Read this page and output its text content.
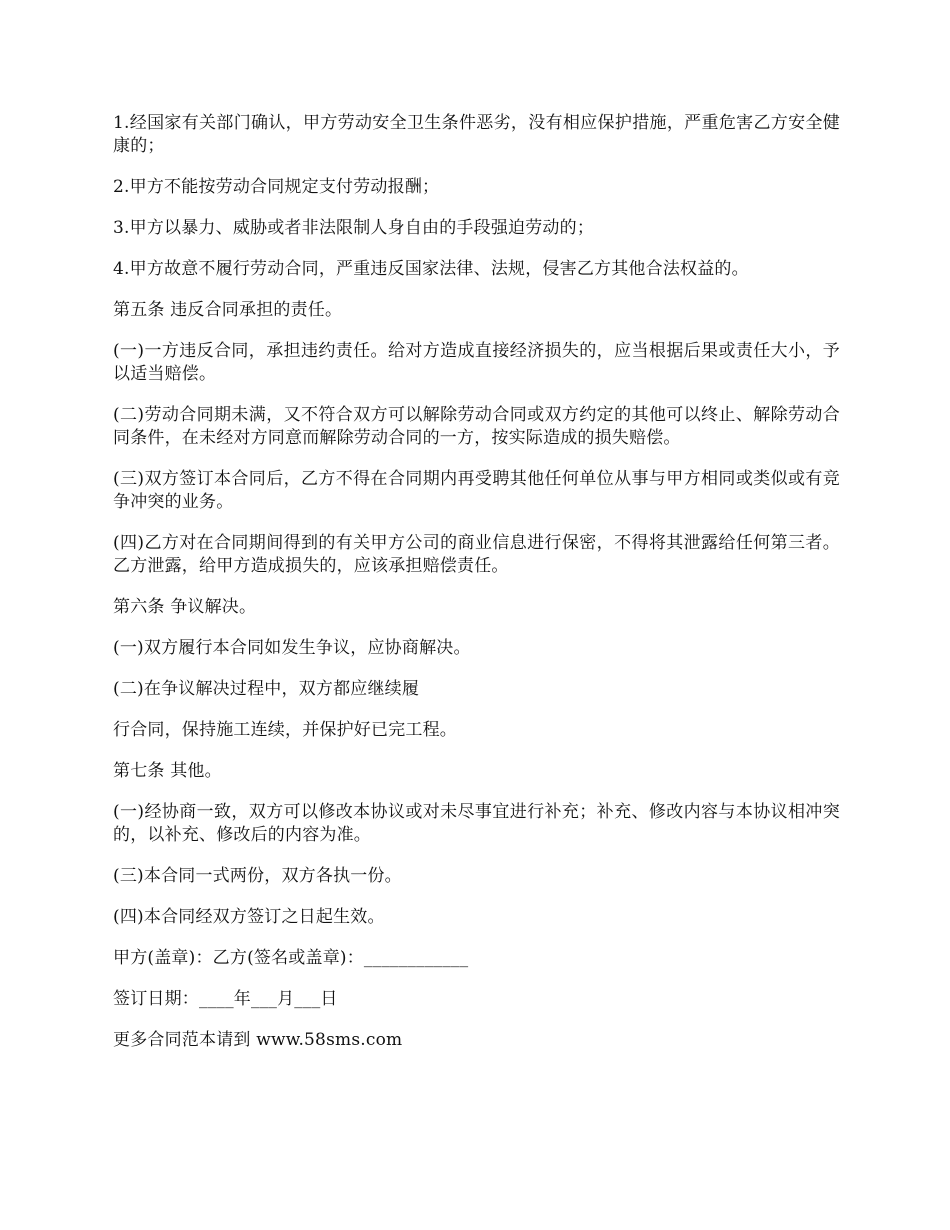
1.经国家有关部门确认，甲方劳动安全卫生条件恶劣，没有相应保护措施，严重危害乙方安全健康的；

2.甲方不能按劳动合同规定支付劳动报酬；

3.甲方以暴力、威胁或者非法限制人身自由的手段强迫劳动的；

4.甲方故意不履行劳动合同，严重违反国家法律、法规，侵害乙方其他合法权益的。

第五条 违反合同承担的责任。

(一)一方违反合同，承担违约责任。给对方造成直接经济损失的，应当根据后果或责任大小，予以适当赔偿。

(二)劳动合同期未满，又不符合双方可以解除劳动合同或双方约定的其他可以终止、解除劳动合同条件，在未经对方同意而解除劳动合同的一方，按实际造成的损失赔偿。

(三)双方签订本合同后，乙方不得在合同期内再受聘其他任何单位从事与甲方相同或类似或有竞争冲突的业务。

(四)乙方对在合同期间得到的有关甲方公司的商业信息进行保密，不得将其泄露给任何第三者。乙方泄露，给甲方造成损失的，应该承担赔偿责任。

第六条 争议解决。

(一)双方履行本合同如发生争议，应协商解决。

(二)在争议解决过程中，双方都应继续履

行合同，保持施工连续，并保护好已完工程。

第七条 其他。

(一)经协商一致，双方可以修改本协议或对未尽事宜进行补充；补充、修改内容与本协议相冲突的，以补充、修改后的内容为准。

(三)本合同一式两份，双方各执一份。

(四)本合同经双方签订之日起生效。

甲方(盖章)：乙方(签名或盖章)：____________

签订日期：____年___月___日

更多合同范本请到 www.58sms.com
